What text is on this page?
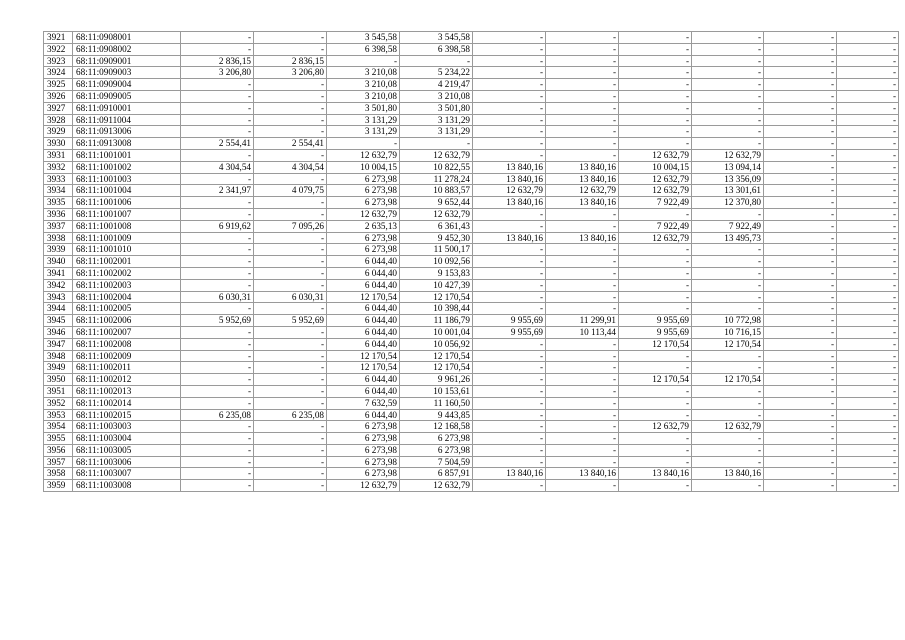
3921	68:11:0908001	-	-	3 545,58	3 545,58	-	-	-	-	-	-
3922	68:11:0908002	-	-	6 398,58	6 398,58	-	-	-	-	-	-
3923	68:11:0909001	2 836,15	2 836,15	-	-	-	-	-	-	-	-
3924	68:11:0909003	3 206,80	3 206,80	3 210,08	5 234,22	-	-	-	-	-	-
3925	68:11:0909004	-	-	3 210,08	4 219,47	-	-	-	-	-	-
3926	68:11:0909005	-	-	3 210,08	3 210,08	-	-	-	-	-	-
3927	68:11:0910001	-	-	3 501,80	3 501,80	-	-	-	-	-	-
3928	68:11:0911004	-	-	3 131,29	3 131,29	-	-	-	-	-	-
3929	68:11:0913006	-	-	3 131,29	3 131,29	-	-	-	-	-	-
3930	68:11:0913008	2 554,41	2 554,41	-	-	-	-	-	-	-	-
3931	68:11:1001001	-	-	12 632,79	12 632,79	-	-	12 632,79	12 632,79	-	-
3932	68:11:1001002	4 304,54	4 304,54	10 004,15	10 822,55	13 840,16	13 840,16	10 004,15	13 094,14	-	-
3933	68:11:1001003	-	-	6 273,98	11 278,24	13 840,16	13 840,16	12 632,79	13 356,09	-	-
3934	68:11:1001004	2 341,97	4 079,75	6 273,98	10 883,57	12 632,79	12 632,79	12 632,79	13 301,61	-	-
3935	68:11:1001006	-	-	6 273,98	9 652,44	13 840,16	13 840,16	7 922,49	12 370,80	-	-
3936	68:11:1001007	-	-	12 632,79	12 632,79	-	-	-	-	-	-
3937	68:11:1001008	6 919,62	7 095,26	2 635,13	6 361,43	-	-	7 922,49	7 922,49	-	-
3938	68:11:1001009	-	-	6 273,98	9 452,30	13 840,16	13 840,16	12 632,79	13 495,73	-	-
3939	68:11:1001010	-	-	6 273,98	11 500,17	-	-	-	-	-	-
3940	68:11:1002001	-	-	6 044,40	10 092,56	-	-	-	-	-	-
3941	68:11:1002002	-	-	6 044,40	9 153,83	-	-	-	-	-	-
3942	68:11:1002003	-	-	6 044,40	10 427,39	-	-	-	-	-	-
3943	68:11:1002004	6 030,31	6 030,31	12 170,54	12 170,54	-	-	-	-	-	-
3944	68:11:1002005	-	-	6 044,40	10 398,44	-	-	-	-	-	-
3945	68:11:1002006	5 952,69	5 952,69	6 044,40	11 186,79	9 955,69	11 299,91	9 955,69	10 772,98	-	-
3946	68:11:1002007	-	-	6 044,40	10 001,04	9 955,69	10 113,44	9 955,69	10 716,15	-	-
3947	68:11:1002008	-	-	6 044,40	10 056,92	-	-	12 170,54	12 170,54	-	-
3948	68:11:1002009	-	-	12 170,54	12 170,54	-	-	-	-	-	-
3949	68:11:1002011	-	-	12 170,54	12 170,54	-	-	-	-	-	-
3950	68:11:1002012	-	-	6 044,40	9 961,26	-	-	12 170,54	12 170,54	-	-
3951	68:11:1002013	-	-	6 044,40	10 153,61	-	-	-	-	-	-
3952	68:11:1002014	-	-	7 632,59	11 160,50	-	-	-	-	-	-
3953	68:11:1002015	6 235,08	6 235,08	6 044,40	9 443,85	-	-	-	-	-	-
3954	68:11:1003003	-	-	6 273,98	12 168,58	-	-	12 632,79	12 632,79	-	-
3955	68:11:1003004	-	-	6 273,98	6 273,98	-	-	-	-	-	-
3956	68:11:1003005	-	-	6 273,98	6 273,98	-	-	-	-	-	-
3957	68:11:1003006	-	-	6 273,98	7 504,59	-	-	-	-	-	-
3958	68:11:1003007	-	-	6 273,98	6 857,91	13 840,16	13 840,16	13 840,16	13 840,16	-	-
3959	68:11:1003008	-	-	12 632,79	12 632,79	-	-	-	-	-	-
